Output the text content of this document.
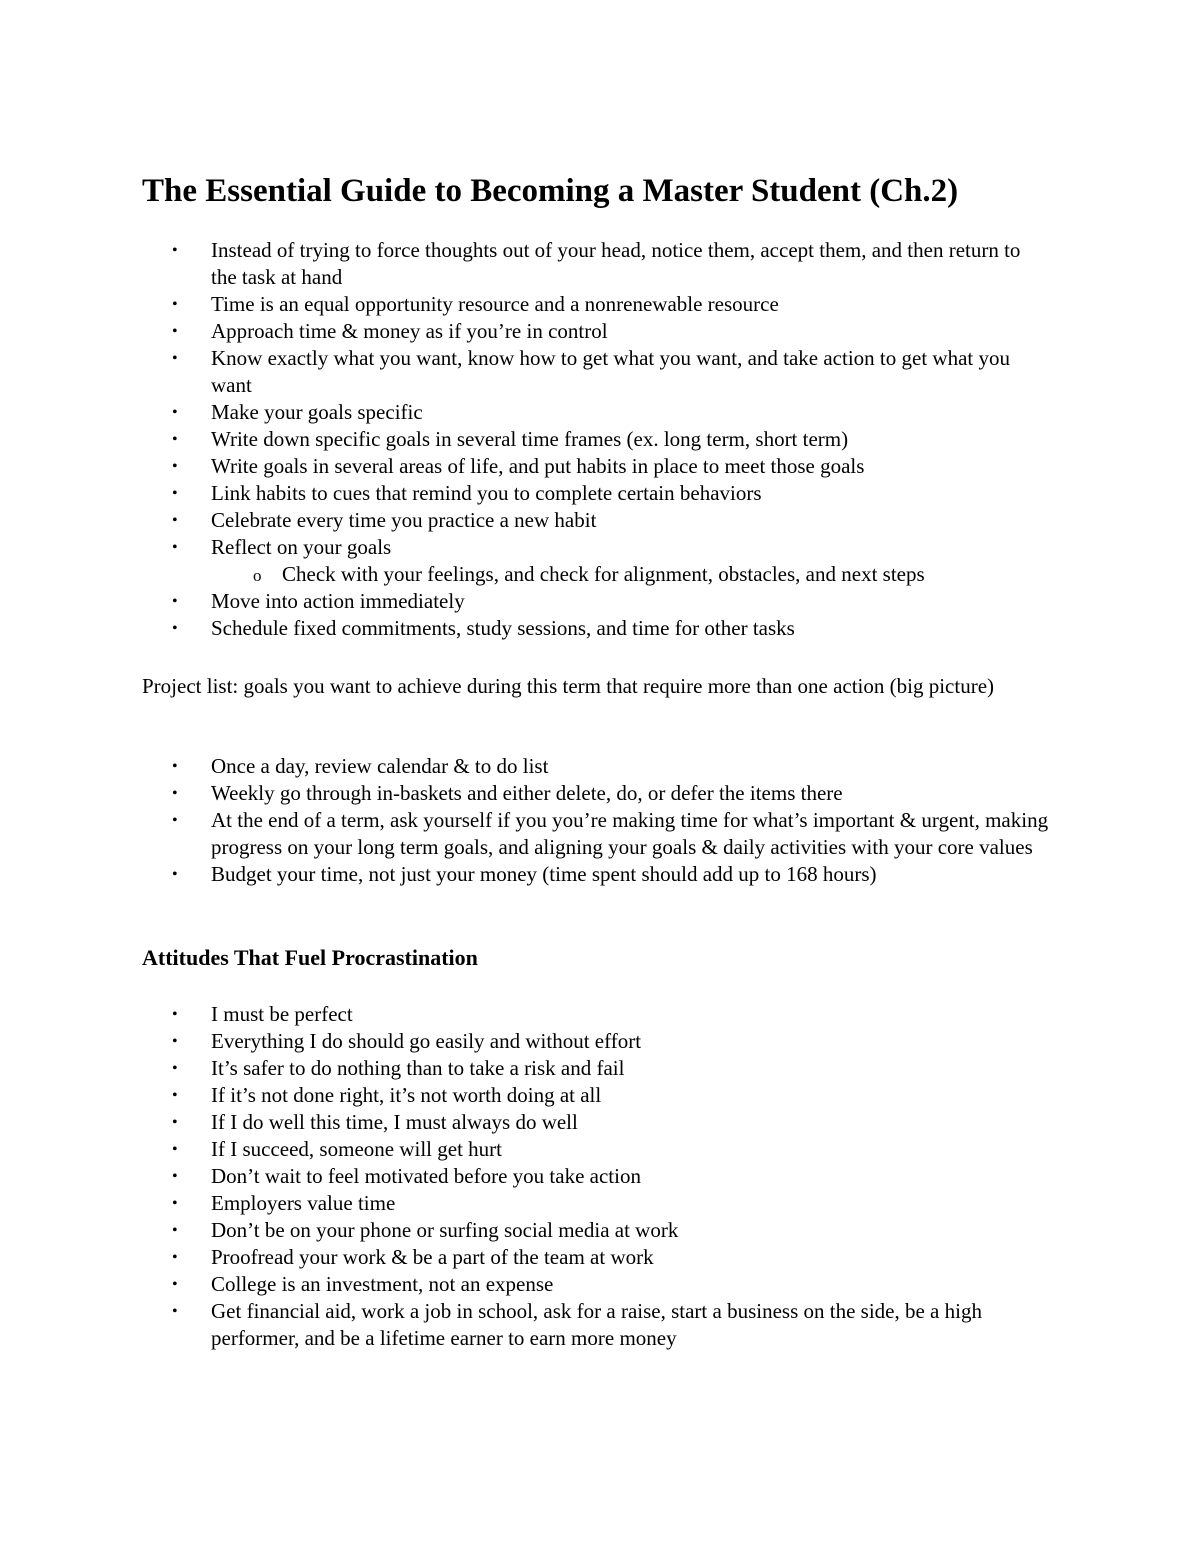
The Essential Guide to Becoming a Master Student (Ch.2)
• Instead of trying to force thoughts out of your head, notice them, accept them, and then return to the task at hand
• Time is an equal opportunity resource and a nonrenewable resource
• Approach time & money as if you’re in control
• Know exactly what you want, know how to get what you want, and take action to get what you want
• Make your goals specific
• Write down specific goals in several time frames (ex. long term, short term)
• Write goals in several areas of life, and put habits in place to meet those goals
• Link habits to cues that remind you to complete certain behaviors
• Celebrate every time you practice a new habit
• Reflect on your goals
o Check with your feelings, and check for alignment, obstacles, and next steps
• Move into action immediately
• Schedule fixed commitments, study sessions, and time for other tasks

Project list: goals you want to achieve during this term that require more than one action (big picture)

• Once a day, review calendar & to do list
• Weekly go through in-baskets and either delete, do, or defer the items there
• At the end of a term, ask yourself if you you’re making time for what’s important & urgent, making progress on your long term goals, and aligning your goals & daily activities with your core values
• Budget your time, not just your money (time spent should add up to 168 hours)
Attitudes That Fuel Procrastination
• I must be perfect
• Everything I do should go easily and without effort
• It’s safer to do nothing than to take a risk and fail
• If it’s not done right, it’s not worth doing at all
• If I do well this time, I must always do well
• If I succeed, someone will get hurt
• Don’t wait to feel motivated before you take action
• Employers value time
• Don’t be on your phone or surfing social media at work
• Proofread your work & be a part of the team at work
• College is an investment, not an expense
• Get financial aid, work a job in school, ask for a raise, start a business on the side, be a high performer, and be a lifetime earner to earn more money
